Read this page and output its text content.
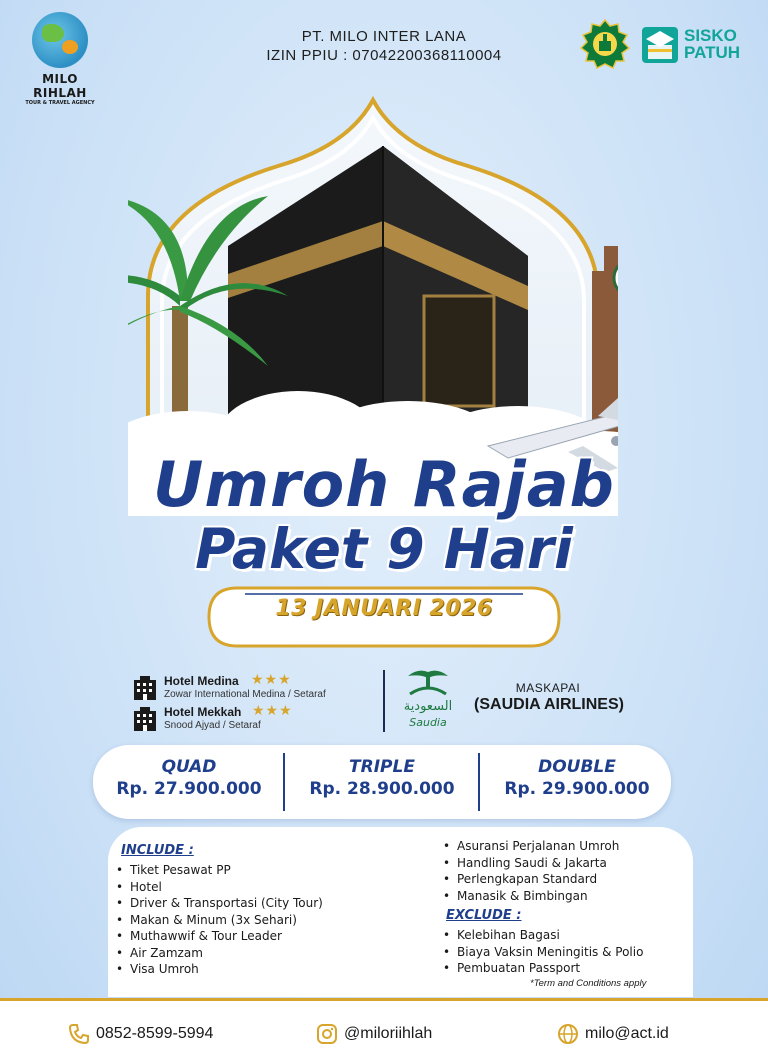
MILO RIHLAH
TOUR & TRAVEL AGENCY
PT. MILO INTER LANA
IZIN PPIU : 07042200368110004
SISKO
PATUH
Umroh Rajab
Paket 9 Hari
13 JANUARI 2026
Hotel Medina ★★★
Zowar International Medina / Setaraf
Hotel Mekkah ★★★
Snood Ajyad / Setaraf
السعودية
Saudia
MASKAPAI
(SAUDIA AIRLINES)
QUAD
Rp. 27.900.000
TRIPLE
Rp. 28.900.000
DOUBLE
Rp. 29.900.000
INCLUDE :
• Tiket Pesawat PP
• Hotel
• Driver & Transportasi (City Tour)
• Makan & Minum (3x Sehari)
• Muthawwif & Tour Leader
• Air Zamzam
• Visa Umroh
• Asuransi Perjalanan Umroh
• Handling Saudi & Jakarta
• Perlengkapan Standard
• Manasik & Bimbingan
EXCLUDE :
• Kelebihan Bagasi
• Biaya Vaksin Meningitis & Polio
• Pembuatan Passport
*Term and Conditions apply
0852-8599-5994	@miloriihlah	milo@act.id
